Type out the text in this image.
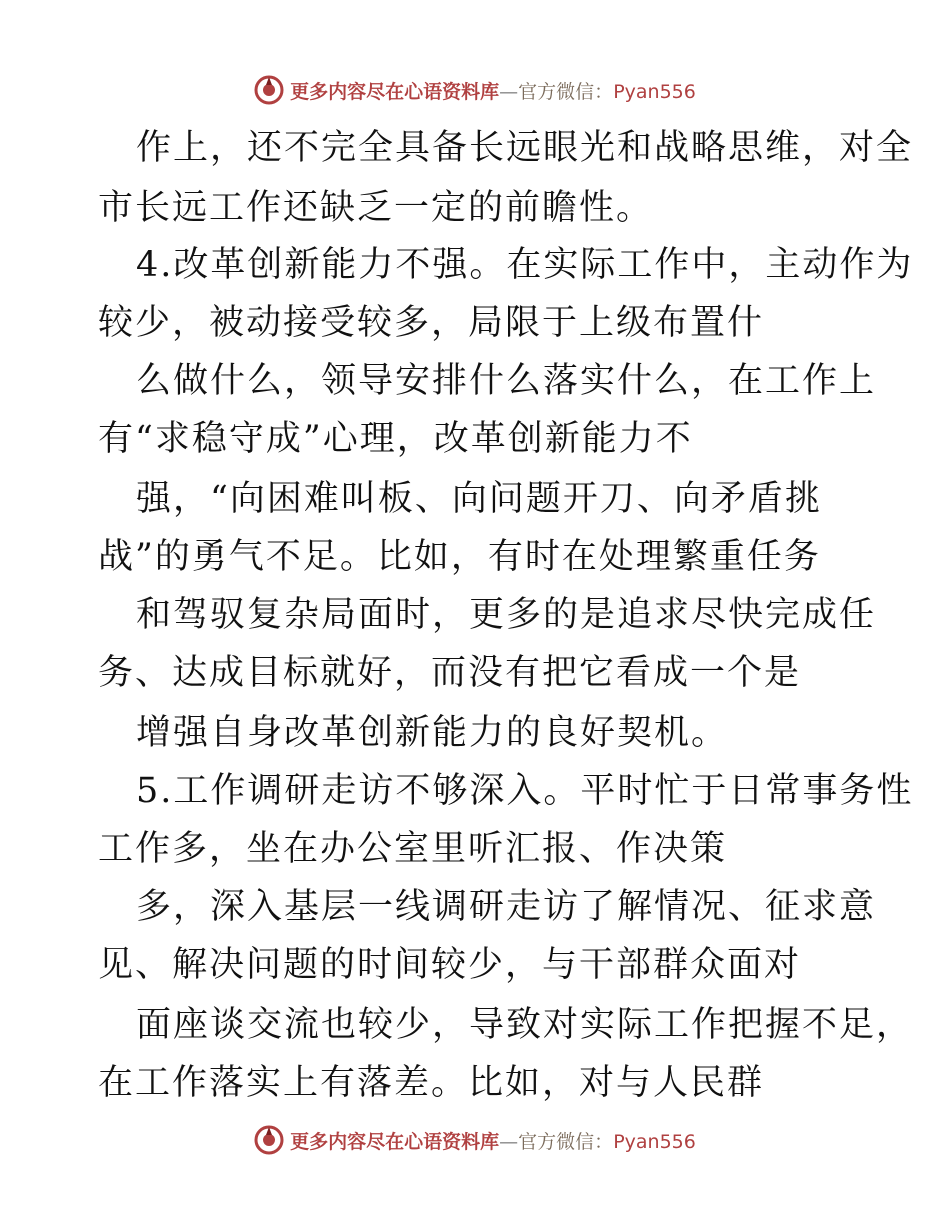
更多内容尽在心语资料库—官方微信：Pyan556
作上，还不完全具备长远眼光和战略思维，对全
市长远工作还缺乏一定的前瞻性。
4.改革创新能力不强。在实际工作中，主动作为
较少，被动接受较多，局限于上级布置什
么做什么，领导安排什么落实什么，在工作上
有“求稳守成”心理，改革创新能力不
强，“向困难叫板、向问题开刀、向矛盾挑
战”的勇气不足。比如，有时在处理繁重任务
和驾驭复杂局面时，更多的是追求尽快完成任
务、达成目标就好，而没有把它看成一个是
增强自身改革创新能力的良好契机。
5.工作调研走访不够深入。平时忙于日常事务性
工作多，坐在办公室里听汇报、作决策
多，深入基层一线调研走访了解情况、征求意
见、解决问题的时间较少，与干部群众面对
面座谈交流也较少，导致对实际工作把握不足，
在工作落实上有落差。比如，对与人民群
更多内容尽在心语资料库—官方微信：Pyan556
